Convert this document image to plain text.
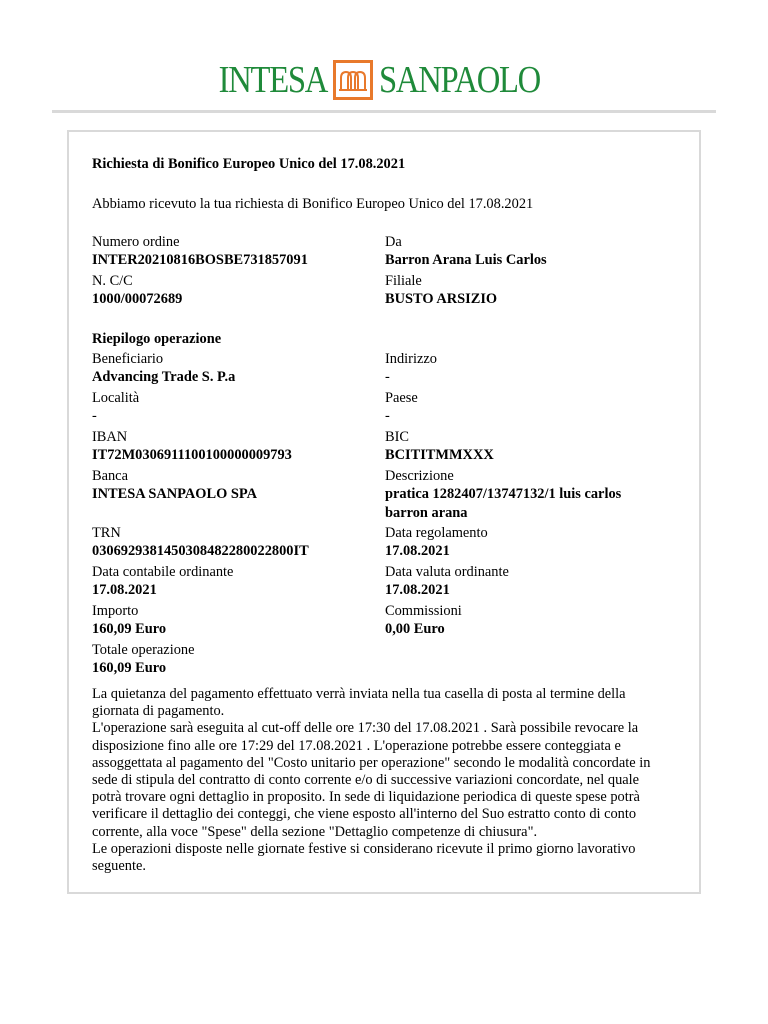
INTESA SANPAOLO
Richiesta di Bonifico Europeo Unico del 17.08.2021
Abbiamo ricevuto la tua richiesta di Bonifico Europeo Unico del 17.08.2021
Numero ordine
INTER20210816BOSBE731857091
Da
Barron Arana Luis Carlos
N. C/C
1000/00072689
Filiale
BUSTO ARSIZIO
Riepilogo operazione
Beneficiario
Advancing Trade S. P.a
Indirizzo
-
Località
-
Paese
-
IBAN
IT72M0306911100100000009793
BIC
BCITITMMXXX
Banca
INTESA SANPAOLO SPA
Descrizione
pratica 1282407/13747132/1 luis carlos
barron arana
TRN
0306929381450308482280022800IT
Data regolamento
17.08.2021
Data contabile ordinante
17.08.2021
Data valuta ordinante
17.08.2021
Importo
160,09 Euro
Commissioni
0,00 Euro
Totale operazione
160,09 Euro

La quietanza del pagamento effettuato verrà inviata nella tua casella di posta al termine della

giornata di pagamento.

L'operazione sarà eseguita al cut-off delle ore 17:30 del 17.08.2021 . Sarà possibile revocare la

disposizione fino alle ore 17:29 del 17.08.2021 . L'operazione potrebbe essere conteggiata e

assoggettata al pagamento del "Costo unitario per operazione" secondo le modalità concordate in

sede di stipula del contratto di conto corrente e/o di successive variazioni concordate, nel quale

potrà trovare ogni dettaglio in proposito. In sede di liquidazione periodica di queste spese potrà

verificare il dettaglio dei conteggi, che viene esposto all'interno del Suo estratto conto di conto

corrente, alla voce "Spese" della sezione "Dettaglio competenze di chiusura".

Le operazioni disposte nelle giornate festive si considerano ricevute il primo giorno lavorativo

seguente.
